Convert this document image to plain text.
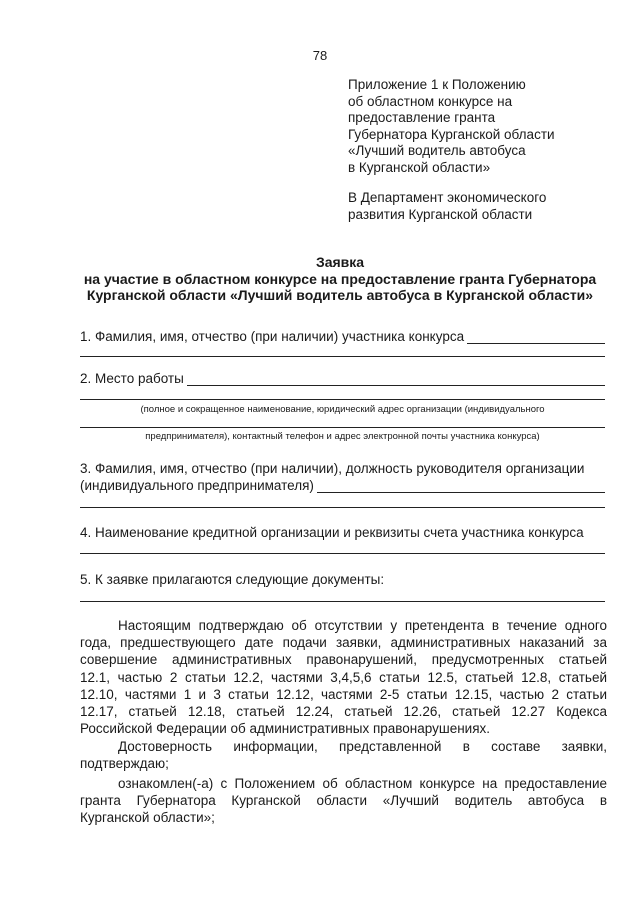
78
Приложение 1 к Положению
об областном конкурсе на
предоставление гранта
Губернатора Курганской области
«Лучший водитель автобуса
в Курганской области»
В Департамент экономического
развития Курганской области
Заявка
на участие в областном конкурсе на предоставление гранта Губернатора
Курганской области «Лучший водитель автобуса в Курганской области»
1. Фамилия, имя, отчество (при наличии) участника конкурса
2. Место работы
(полное и сокращенное наименование, юридический адрес организации (индивидуального
предпринимателя), контактный телефон и адрес электронной почты участника конкурса)
3. Фамилия, имя, отчество (при наличии), должность руководителя организации
(индивидуального предпринимателя)
4. Наименование кредитной организации и реквизиты счета участника конкурса
5. К заявке прилагаются следующие документы:
Настоящим подтверждаю об отсутствии у претендента в течение одного
года, предшествующего дате подачи заявки, административных наказаний за
совершение административных правонарушений, предусмотренных статьей
12.1, частью 2 статьи 12.2, частями 3,4,5,6 статьи 12.5, статьей 12.8, статьей
12.10, частями 1 и 3 статьи 12.12, частями 2-5 статьи 12.15, частью 2 статьи
12.17, статьей 12.18, статьей 12.24, статьей 12.26, статьей 12.27 Кодекса
Российской Федерации об административных правонарушениях.
Достоверность информации, представленной в составе заявки,
подтверждаю;
ознакомлен(-а) с Положением об областном конкурсе на предоставление
гранта Губернатора Курганской области «Лучший водитель автобуса в
Курганской области»;
